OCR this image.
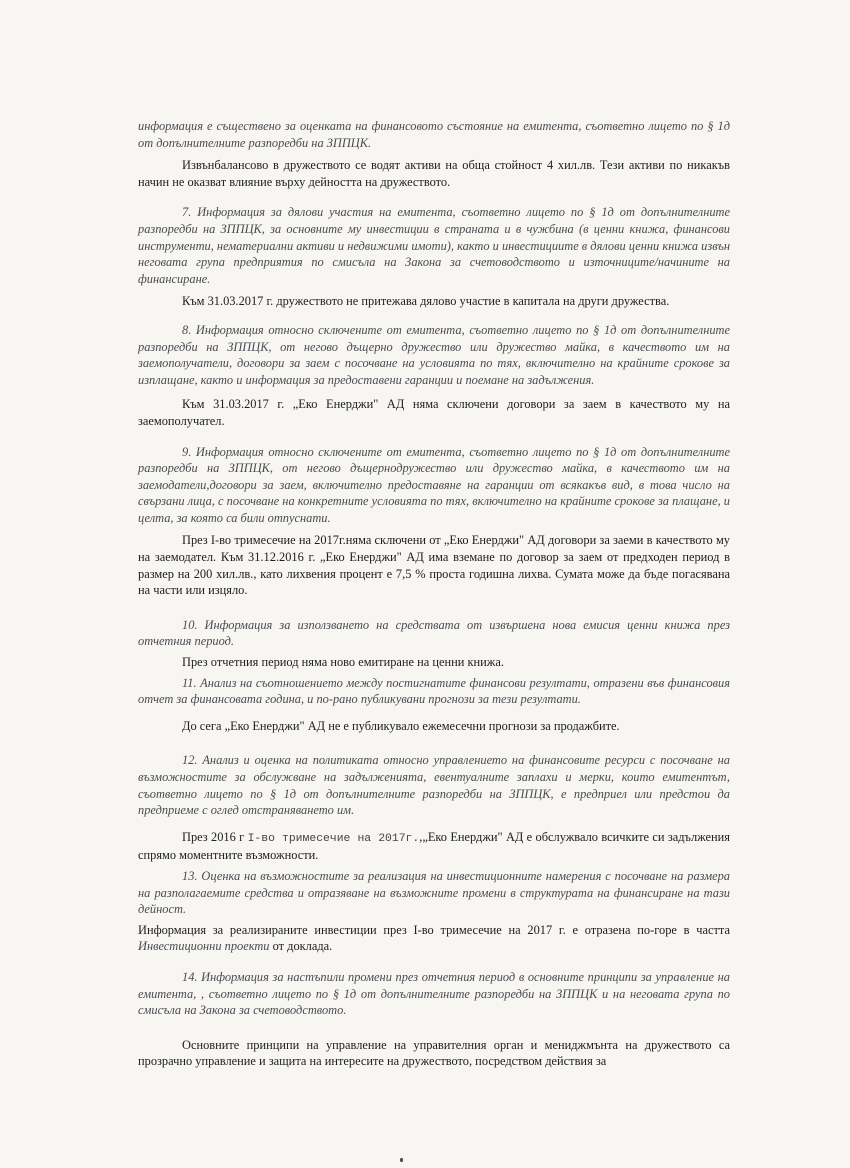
информация е съществено за оценката на финансовото състояние на емитента, съответно лицето по § 1д от допълнителните разпоредби на ЗППЦК.

Извънбалансово в дружеството се водят активи на обща стойност 4 хил.лв. Тези активи по никакъв начин не оказват влияние върху дейността на дружеството.

7. Информация за дялови участия на емитента, съответно лицето по § 1д от допълнителните разпоредби на ЗППЦК, за основните му инвестиции в страната и в чужбина (в ценни книжа, финансови инструменти, нематериални активи и недвижими имоти), както и инвестициите в дялови ценни книжа извън неговата група предприятия по смисъла на Закона за счетоводството и източниците/начините на финансиране.

Към 31.03.2017 г. дружеството не притежава дялово участие в капитала на други дружества.

8. Информация относно сключените от емитента, съответно лицето по § 1д от допълнителните разпоредби на ЗППЦК, от негово дъщерно дружество или дружество майка, в качеството им на заемополучатели, договори за заем с посочване на условията по тях, включително на крайните срокове за изплащане, както и информация за предоставени гаранции и поемане на задължения.

Към 31.03.2017 г. „Еко Енерджи" АД няма сключени договори за заем в качеството му на заемополучател.

9. Информация относно сключените от емитента, съответно лицето по § 1д от допълнителните разпоредби на ЗППЦК, от негово дъщернодружество или дружество майка, в качеството им на заемодатели,договори за заем, включително предоставяне на гаранции от всякакъв вид, в това число на свързани лица, с посочване на конкретните условията по тях, включително на крайните срокове за плащане, и целта, за която са били отпуснати.

През I-во тримесечие на 2017г.няма сключени от „Еко Енерджи" АД договори за заеми в качеството му на заемодател. Към 31.12.2016 г. „Еко Енерджи" АД има вземане по договор за заем от предходен период в размер на 200 хил.лв., като лихвения процент е 7,5 % проста годишна лихва. Сумата може да бъде погасявана на части или изцяло.

10. Информация за използването на средствата от извършена нова емисия ценни книжа през отчетния период.

През отчетния период няма ново емитиране на ценни книжа.

11. Анализ на съотношението между постигнатите финансови резултати, отразени във финансовия отчет за финансовата година, и по-рано публикувани прогнози за тези резултати.

До сега „Еко Енерджи" АД не е публикувало ежемесечни прогнози за продажбите.

12. Анализ и оценка на политиката относно управлението на финансовите ресурси с посочване на възможностите за обслужване на задълженията, евентуалните заплахи и мерки, които емитентът, съответно лицето по § 1д от допълнителните разпоредби на ЗППЦК, е предприел или предстои да предприеме с оглед отстраняването им.

През 2016 г I-во тримесечие на 2017г.,„Еко Енерджи" АД е обслужвало всичките си задължения спрямо моментните възможности.

13. Оценка на възможностите за реализация на инвестиционните намерения с посочване на размера на разполагаемите средства и отразяване на възможните промени в структурата на финансиране на тази дейност.

Информация за реализираните инвестиции през I-во тримесечие на 2017 г. е отразена по-горе в частта Инвестиционни проекти от доклада.

14. Информация за настъпили промени през отчетния период в основните принципи за управление на емитента, , съответно лицето по § 1д от допълнителните разпоредби на ЗППЦК и на неговата група по смисъла на Закона за счетоводството.

Основните принципи на управление на управителния орган и мениджмънта на дружеството са прозрачно управление и защита на интересите на дружеството, посредством действия за
